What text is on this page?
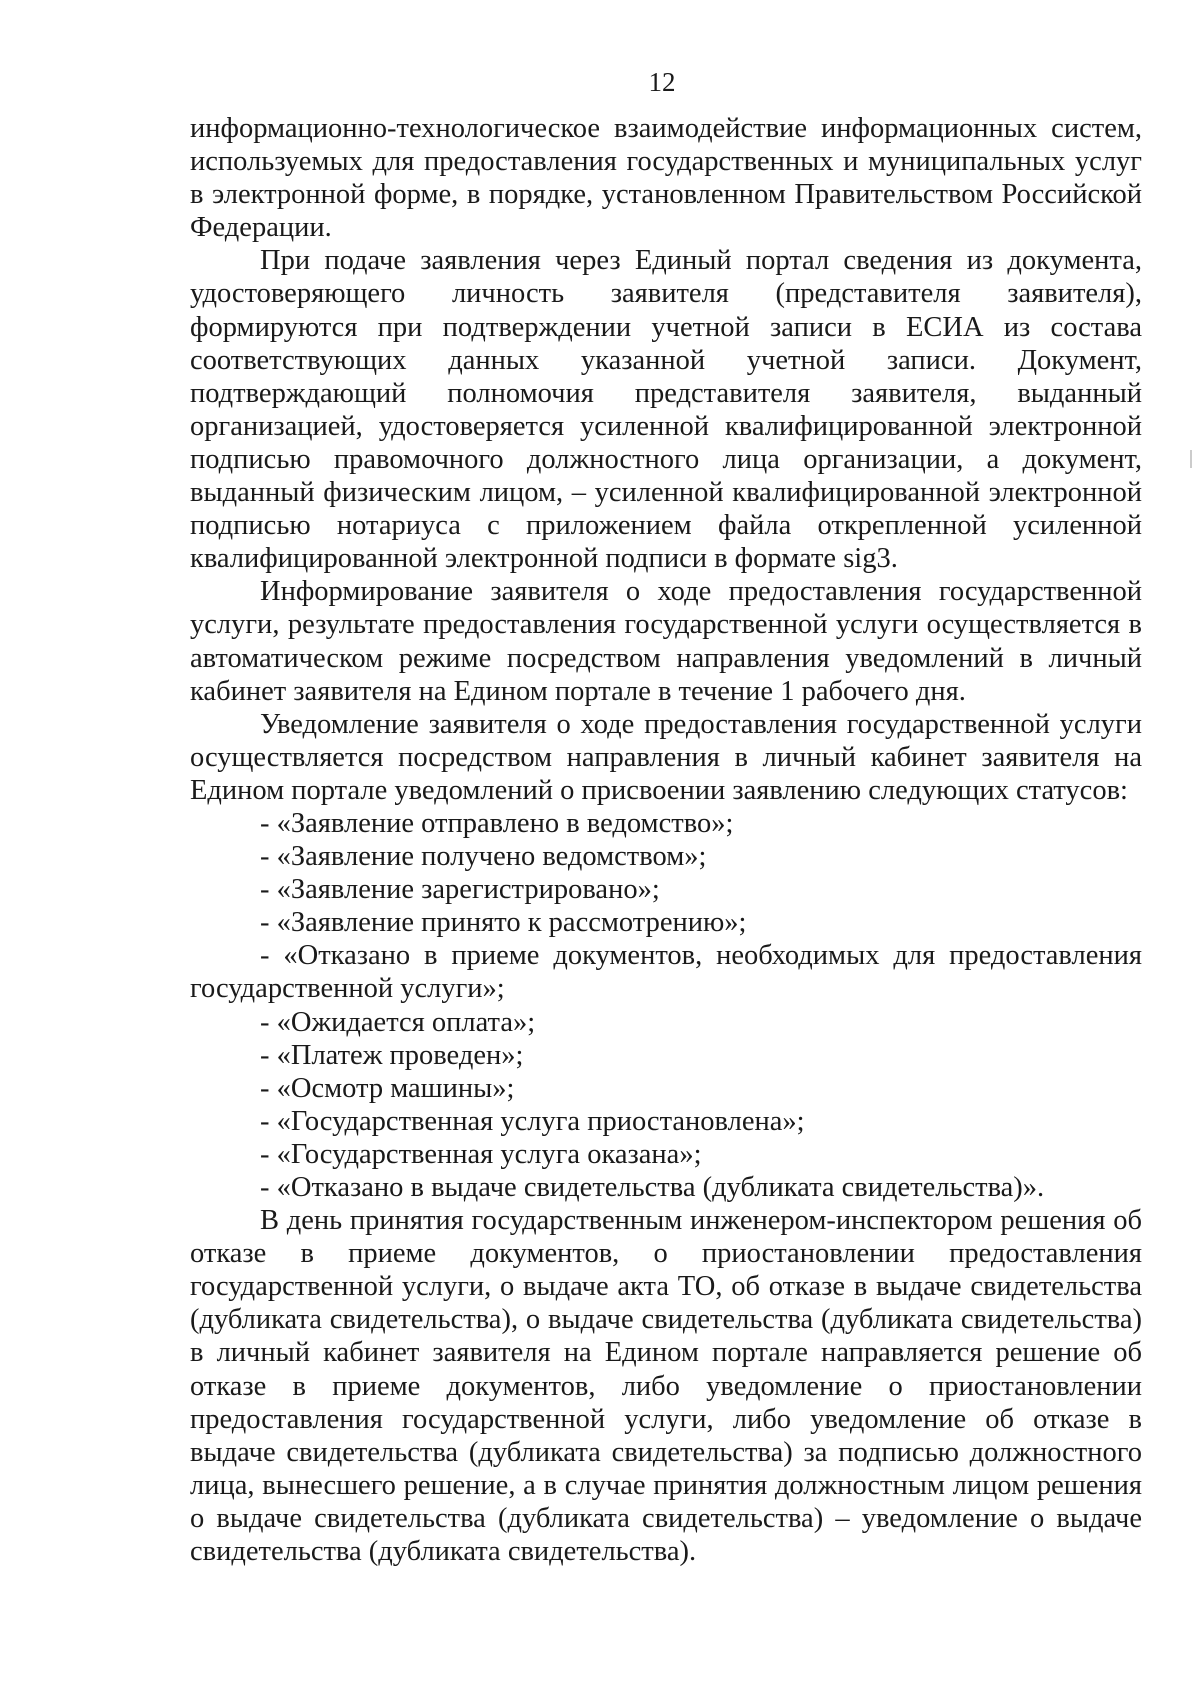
12

информационно-технологическое взаимодействие информационных систем, используемых для предоставления государственных и муниципальных услуг в электронной форме, в порядке, установленном Правительством Российской Федерации.

При подаче заявления через Единый портал сведения из документа, удостоверяющего личность заявителя (представителя заявителя), формируются при подтверждении учетной записи в ЕСИА из состава соответствующих данных указанной учетной записи. Документ, подтверждающий полномочия представителя заявителя, выданный организацией, удостоверяется усиленной квалифицированной электронной подписью правомочного должностного лица организации, а документ, выданный физическим лицом, – усиленной квалифицированной электронной подписью нотариуса с приложением файла открепленной усиленной квалифицированной электронной подписи в формате sig3.

Информирование заявителя о ходе предоставления государственной услуги, результате предоставления государственной услуги осуществляется в автоматическом режиме посредством направления уведомлений в личный кабинет заявителя на Едином портале в течение 1 рабочего дня.

Уведомление заявителя о ходе предоставления государственной услуги осуществляется посредством направления в личный кабинет заявителя на Едином портале уведомлений о присвоении заявлению следующих статусов:

- «Заявление отправлено в ведомство»;
- «Заявление получено ведомством»;
- «Заявление зарегистрировано»;
- «Заявление принято к рассмотрению»;
- «Отказано в приеме документов, необходимых для предоставления государственной услуги»;
- «Ожидается оплата»;
- «Платеж проведен»;
- «Осмотр машины»;
- «Государственная услуга приостановлена»;
- «Государственная услуга оказана»;
- «Отказано в выдаче свидетельства (дубликата свидетельства)».

В день принятия государственным инженером-инспектором решения об отказе в приеме документов, о приостановлении предоставления государственной услуги, о выдаче акта ТО, об отказе в выдаче свидетельства (дубликата свидетельства), о выдаче свидетельства (дубликата свидетельства) в личный кабинет заявителя на Едином портале направляется решение об отказе в приеме документов, либо уведомление о приостановлении предоставления государственной услуги, либо уведомление об отказе в выдаче свидетельства (дубликата свидетельства) за подписью должностного лица, вынесшего решение, а в случае принятия должностным лицом решения о выдаче свидетельства (дубликата свидетельства) – уведомление о выдаче свидетельства (дубликата свидетельства).
